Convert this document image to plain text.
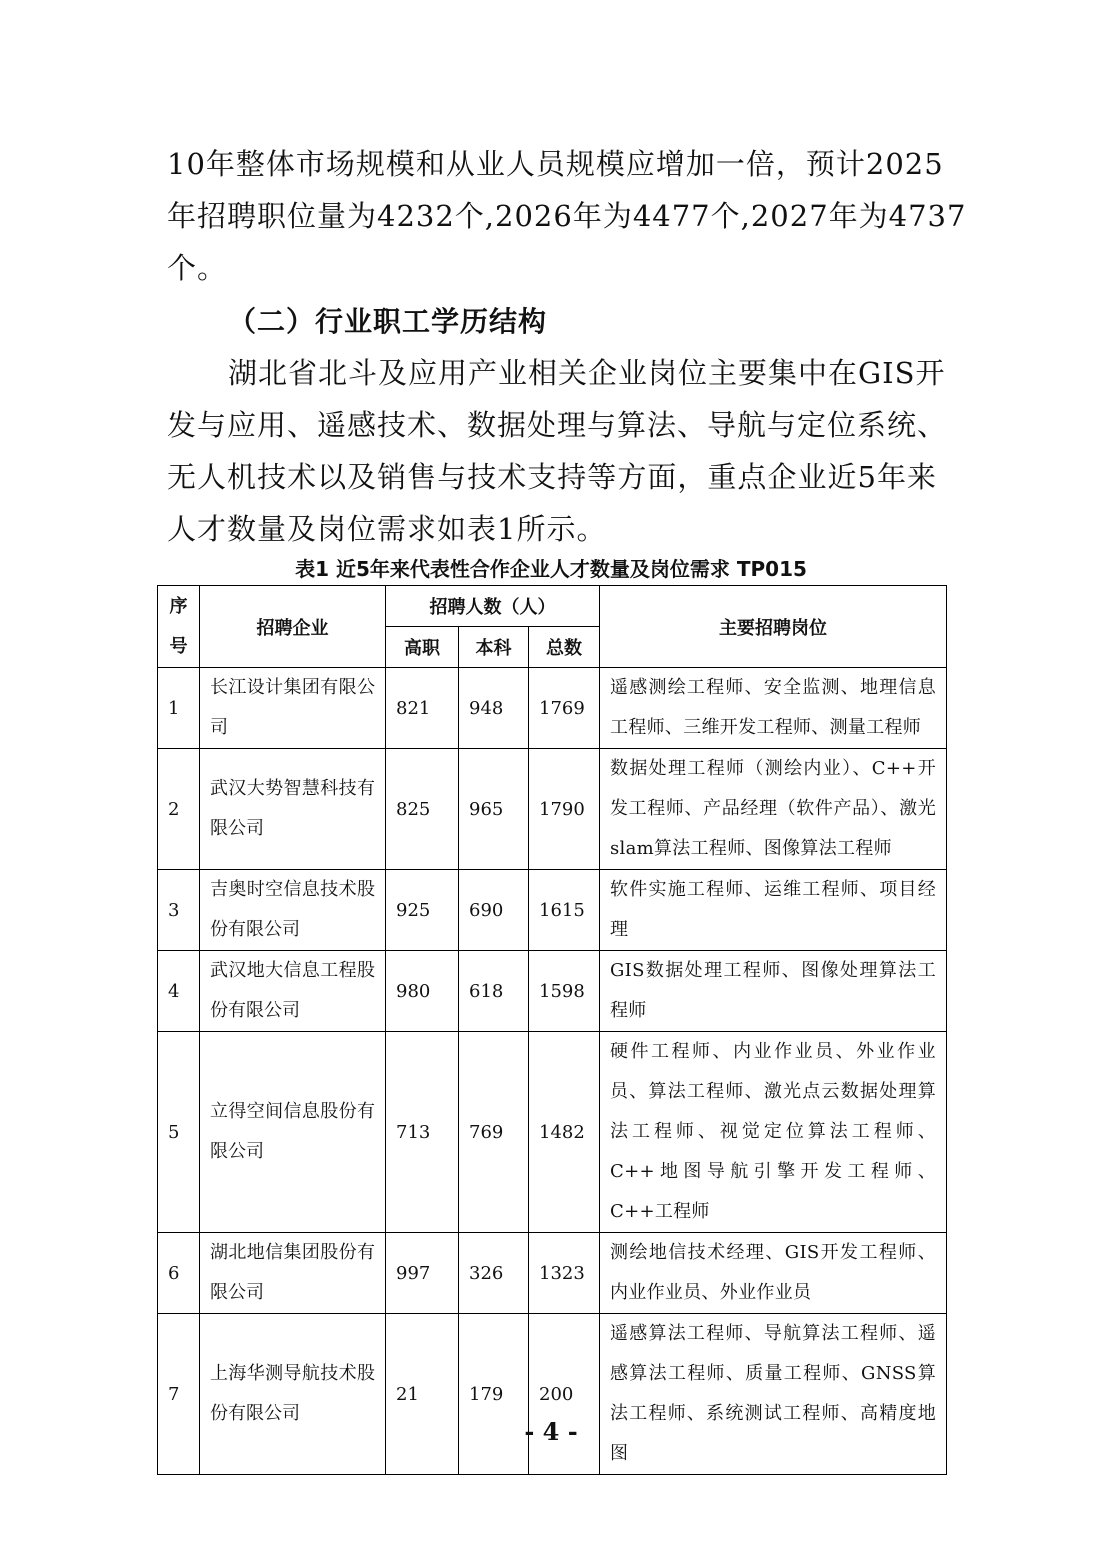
10年整体市场规模和从业人员规模应增加一倍，预计2025
年招聘职位量为4232个,2026年为4477个,2027年为4737
个。
（二）行业职工学历结构
湖北省北斗及应用产业相关企业岗位主要集中在GIS开
发与应用、遥感技术、数据处理与算法、导航与定位系统、
无人机技术以及销售与技术支持等方面，重点企业近5年来
人才数量及岗位需求如表1所示。
表1 近5年来代表性合作企业人才数量及岗位需求 TP015
序号	招聘企业	招聘人数（人）			主要招聘岗位
		高职	本科	总数	
1	长江设计集团有限公司	821	948	1769	遥感测绘工程师、安全监测、地理信息工程师、三维开发工程师、测量工程师
2	武汉大势智慧科技有限公司	825	965	1790	数据处理工程师（测绘内业）、C++开发工程师、产品经理（软件产品）、激光slam算法工程师、图像算法工程师
3	吉奥时空信息技术股份有限公司	925	690	1615	软件实施工程师、运维工程师、项目经理
4	武汉地大信息工程股份有限公司	980	618	1598	GIS数据处理工程师、图像处理算法工程师
5	立得空间信息股份有限公司	713	769	1482	硬件工程师、内业作业员、外业作业员、算法工程师、激光点云数据处理算法工程师、视觉定位算法工程师、C++地图导航引擎开发工程师、C++工程师
6	湖北地信集团股份有限公司	997	326	1323	测绘地信技术经理、GIS开发工程师、内业作业员、外业作业员
7	上海华测导航技术股份有限公司	21	179	200	遥感算法工程师、导航算法工程师、遥感算法工程师、质量工程师、GNSS算法工程师、系统测试工程师、高精度地图
- 4 -
